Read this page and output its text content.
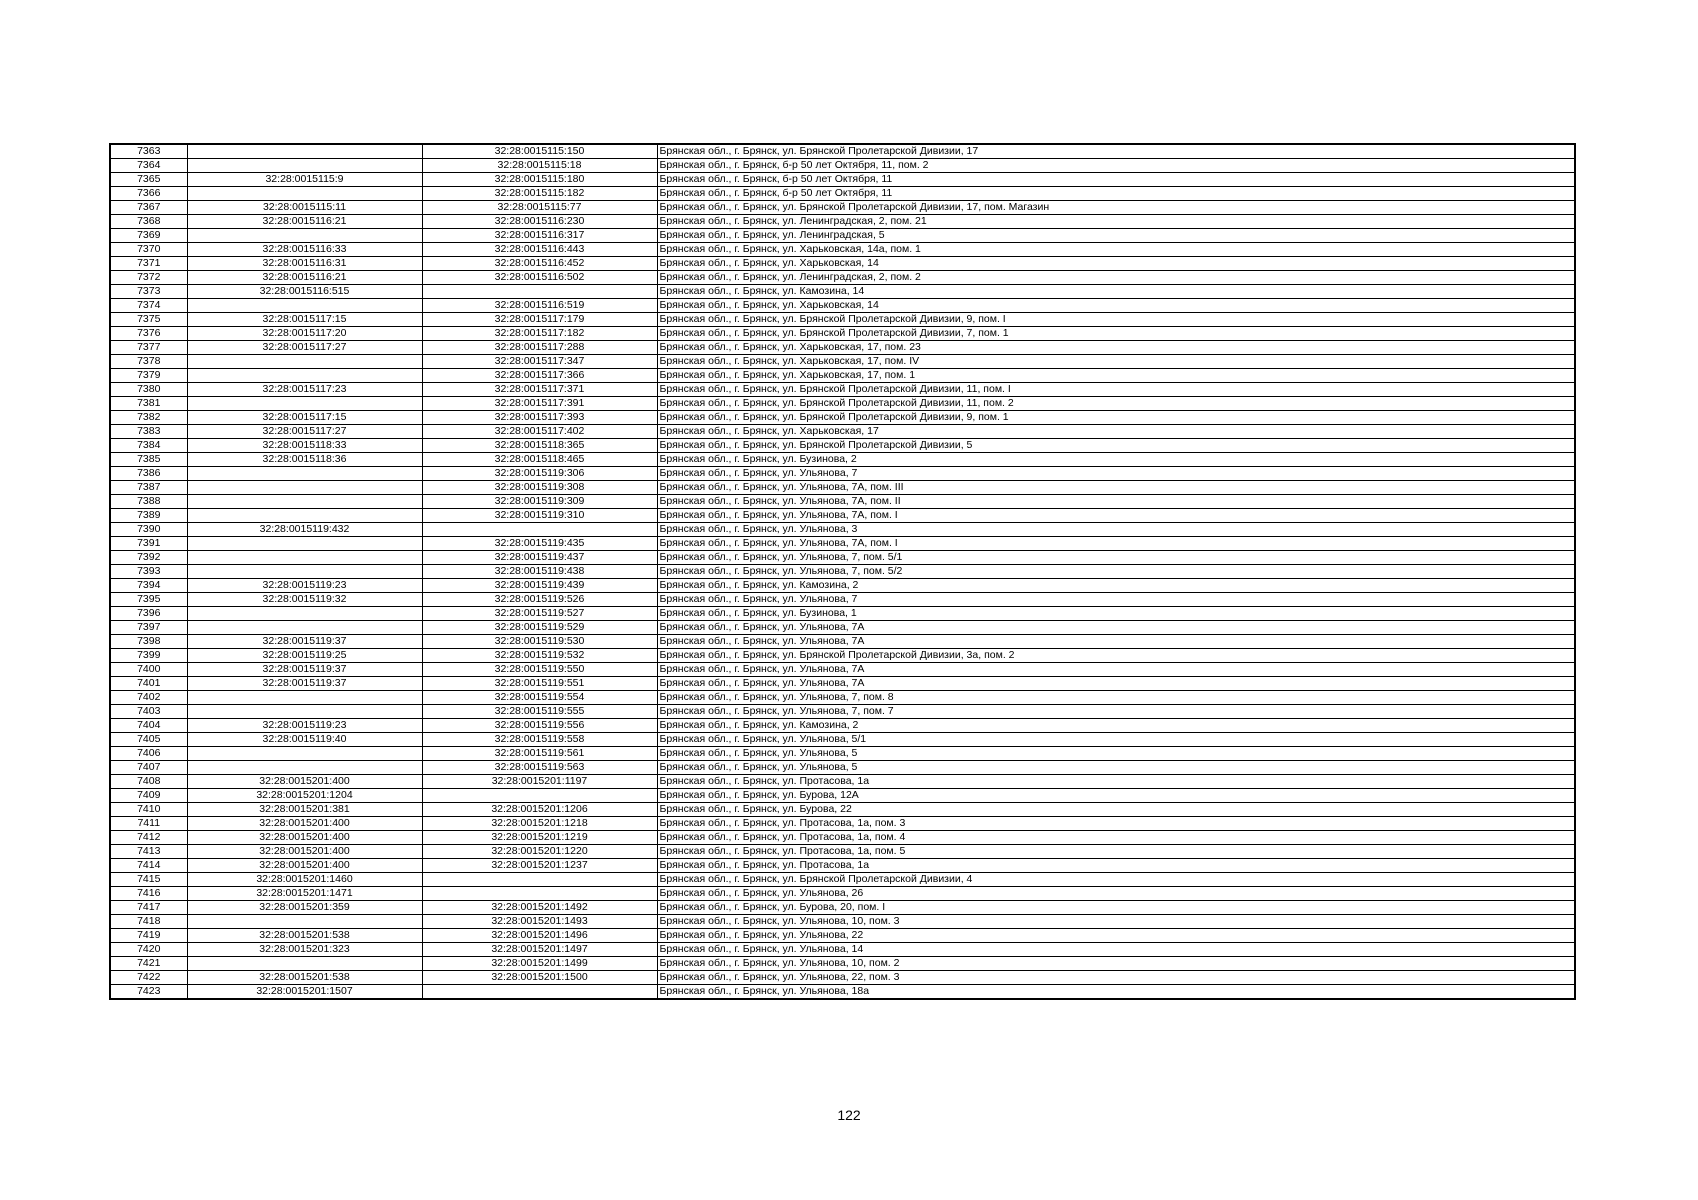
7363		32:28:0015115:150	Брянская обл., г. Брянск, ул. Брянской Пролетарской Дивизии, 17
7364		32:28:0015115:18	Брянская обл., г. Брянск, б-р 50 лет Октября, 11, пом. 2
7365	32:28:0015115:9	32:28:0015115:180	Брянская обл., г. Брянск, б-р 50 лет Октября, 11
7366		32:28:0015115:182	Брянская обл., г. Брянск, б-р 50 лет Октября, 11
7367	32:28:0015115:11	32:28:0015115:77	Брянская обл., г. Брянск, ул. Брянской Пролетарской Дивизии, 17, пом. Магазин
7368	32:28:0015116:21	32:28:0015116:230	Брянская обл., г. Брянск, ул. Ленинградская, 2, пом. 21
7369		32:28:0015116:317	Брянская обл., г. Брянск, ул. Ленинградская, 5
7370	32:28:0015116:33	32:28:0015116:443	Брянская обл., г. Брянск, ул. Харьковская, 14а, пом. 1
7371	32:28:0015116:31	32:28:0015116:452	Брянская обл., г. Брянск, ул. Харьковская, 14
7372	32:28:0015116:21	32:28:0015116:502	Брянская обл., г. Брянск, ул. Ленинградская, 2, пом. 2
7373	32:28:0015116:515		Брянская обл., г. Брянск, ул. Камозина, 14
7374		32:28:0015116:519	Брянская обл., г. Брянск, ул. Харьковская, 14
7375	32:28:0015117:15	32:28:0015117:179	Брянская обл., г. Брянск, ул. Брянской Пролетарской Дивизии, 9, пом. I
7376	32:28:0015117:20	32:28:0015117:182	Брянская обл., г. Брянск, ул. Брянской Пролетарской Дивизии, 7, пом. 1
7377	32:28:0015117:27	32:28:0015117:288	Брянская обл., г. Брянск, ул. Харьковская, 17, пом. 23
7378		32:28:0015117:347	Брянская обл., г. Брянск, ул. Харьковская, 17, пом. IV
7379		32:28:0015117:366	Брянская обл., г. Брянск, ул. Харьковская, 17, пом. 1
7380	32:28:0015117:23	32:28:0015117:371	Брянская обл., г. Брянск, ул. Брянской Пролетарской Дивизии, 11, пом. I
7381		32:28:0015117:391	Брянская обл., г. Брянск, ул. Брянской Пролетарской Дивизии, 11, пом. 2
7382	32:28:0015117:15	32:28:0015117:393	Брянская обл., г. Брянск, ул. Брянской Пролетарской Дивизии, 9, пом. 1
7383	32:28:0015117:27	32:28:0015117:402	Брянская обл., г. Брянск, ул. Харьковская, 17
7384	32:28:0015118:33	32:28:0015118:365	Брянская обл., г. Брянск, ул. Брянской Пролетарской Дивизии, 5
7385	32:28:0015118:36	32:28:0015118:465	Брянская обл., г. Брянск, ул. Бузинова, 2
7386		32:28:0015119:306	Брянская обл., г. Брянск, ул. Ульянова, 7
7387		32:28:0015119:308	Брянская обл., г. Брянск, ул. Ульянова, 7А, пом. III
7388		32:28:0015119:309	Брянская обл., г. Брянск, ул. Ульянова, 7А, пом. II
7389		32:28:0015119:310	Брянская обл., г. Брянск, ул. Ульянова, 7А, пом. I
7390	32:28:0015119:432		Брянская обл., г. Брянск, ул. Ульянова, 3
7391		32:28:0015119:435	Брянская обл., г. Брянск, ул. Ульянова, 7А, пом. I
7392		32:28:0015119:437	Брянская обл., г. Брянск, ул. Ульянова, 7, пом. 5/1
7393		32:28:0015119:438	Брянская обл., г. Брянск, ул. Ульянова, 7, пом. 5/2
7394	32:28:0015119:23	32:28:0015119:439	Брянская обл., г. Брянск, ул. Камозина, 2
7395	32:28:0015119:32	32:28:0015119:526	Брянская обл., г. Брянск, ул. Ульянова, 7
7396		32:28:0015119:527	Брянская обл., г. Брянск, ул. Бузинова, 1
7397		32:28:0015119:529	Брянская обл., г. Брянск, ул. Ульянова, 7А
7398	32:28:0015119:37	32:28:0015119:530	Брянская обл., г. Брянск, ул. Ульянова, 7А
7399	32:28:0015119:25	32:28:0015119:532	Брянская обл., г. Брянск, ул. Брянской Пролетарской Дивизии, 3а, пом. 2
7400	32:28:0015119:37	32:28:0015119:550	Брянская обл., г. Брянск, ул. Ульянова, 7А
7401	32:28:0015119:37	32:28:0015119:551	Брянская обл., г. Брянск, ул. Ульянова, 7А
7402		32:28:0015119:554	Брянская обл., г. Брянск, ул. Ульянова, 7, пом. 8
7403		32:28:0015119:555	Брянская обл., г. Брянск, ул. Ульянова, 7, пом. 7
7404	32:28:0015119:23	32:28:0015119:556	Брянская обл., г. Брянск, ул. Камозина, 2
7405	32:28:0015119:40	32:28:0015119:558	Брянская обл., г. Брянск, ул. Ульянова, 5/1
7406		32:28:0015119:561	Брянская обл., г. Брянск, ул. Ульянова, 5
7407		32:28:0015119:563	Брянская обл., г. Брянск, ул. Ульянова, 5
7408	32:28:0015201:400	32:28:0015201:1197	Брянская обл., г. Брянск, ул. Протасова, 1а
7409	32:28:0015201:1204		Брянская обл., г. Брянск, ул. Бурова, 12А
7410	32:28:0015201:381	32:28:0015201:1206	Брянская обл., г. Брянск, ул. Бурова, 22
7411	32:28:0015201:400	32:28:0015201:1218	Брянская обл., г. Брянск, ул. Протасова, 1а, пом. 3
7412	32:28:0015201:400	32:28:0015201:1219	Брянская обл., г. Брянск, ул. Протасова, 1а, пом. 4
7413	32:28:0015201:400	32:28:0015201:1220	Брянская обл., г. Брянск, ул. Протасова, 1а, пом. 5
7414	32:28:0015201:400	32:28:0015201:1237	Брянская обл., г. Брянск, ул. Протасова, 1а
7415	32:28:0015201:1460		Брянская обл., г. Брянск, ул. Брянской Пролетарской Дивизии, 4
7416	32:28:0015201:1471		Брянская обл., г. Брянск, ул. Ульянова, 26
7417	32:28:0015201:359	32:28:0015201:1492	Брянская обл., г. Брянск, ул. Бурова, 20, пом. I
7418		32:28:0015201:1493	Брянская обл., г. Брянск, ул. Ульянова, 10, пом. 3
7419	32:28:0015201:538	32:28:0015201:1496	Брянская обл., г. Брянск, ул. Ульянова, 22
7420	32:28:0015201:323	32:28:0015201:1497	Брянская обл., г. Брянск, ул. Ульянова, 14
7421		32:28:0015201:1499	Брянская обл., г. Брянск, ул. Ульянова, 10, пом. 2
7422	32:28:0015201:538	32:28:0015201:1500	Брянская обл., г. Брянск, ул. Ульянова, 22, пом. 3
7423	32:28:0015201:1507		Брянская обл., г. Брянск, ул. Ульянова, 18а
122
